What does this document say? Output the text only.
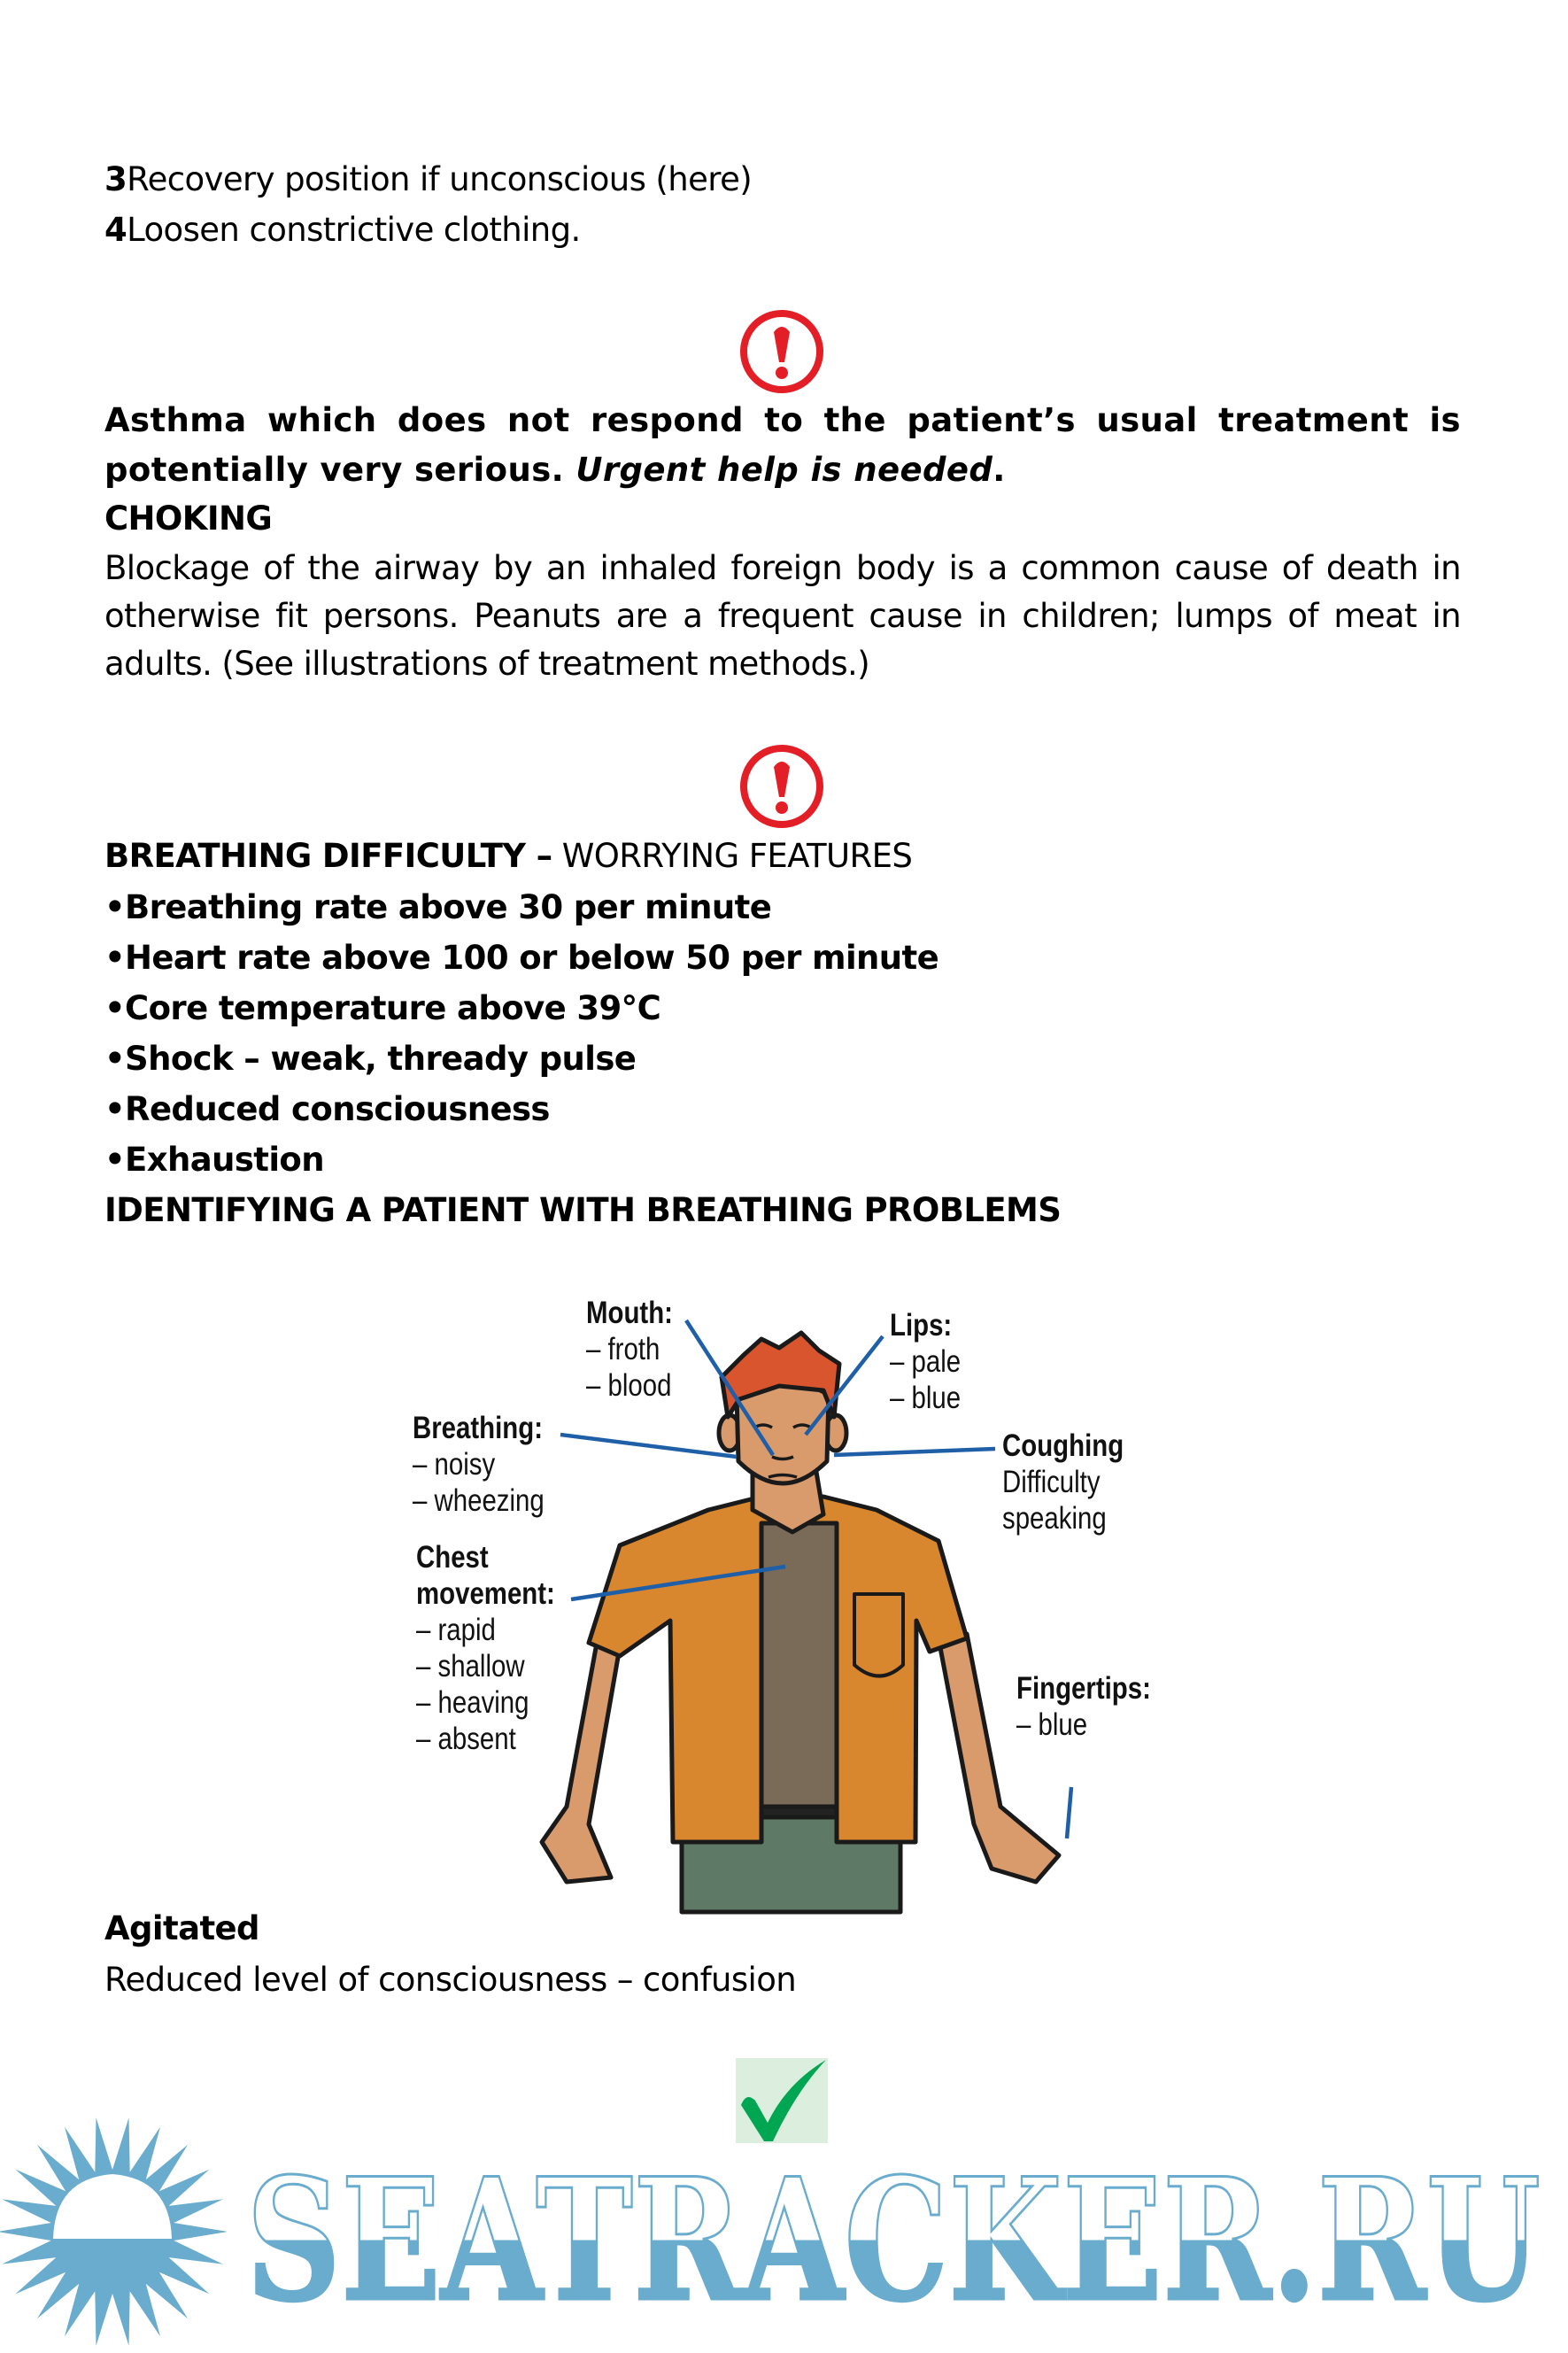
3Recovery position if unconscious (here)
4Loosen constrictive clothing.
Asthma which does not respond to the patient’s usual treatment is potentially very serious. Urgent help is needed.
CHOKING
Blockage of the airway by an inhaled foreign body is a common cause of death in otherwise fit persons. Peanuts are a frequent cause in children; lumps of meat in adults. (See illustrations of treatment methods.)
BREATHING DIFFICULTY – WORRYING FEATURES
•Breathing rate above 30 per minute
•Heart rate above 100 or below 50 per minute
•Core temperature above 39°C
•Shock – weak, thready pulse
•Reduced consciousness
•Exhaustion
IDENTIFYING A PATIENT WITH BREATHING PROBLEMS
Mouth:
– froth
– blood
Lips:
– pale
– blue
Breathing:
– noisy
– wheezing
Coughing
Difficulty
speaking
Chest
movement:
– rapid
– shallow
– heaving
– absent
Fingertips:
– blue
Agitated
Reduced level of consciousness – confusion
SEATRACKER.RU
